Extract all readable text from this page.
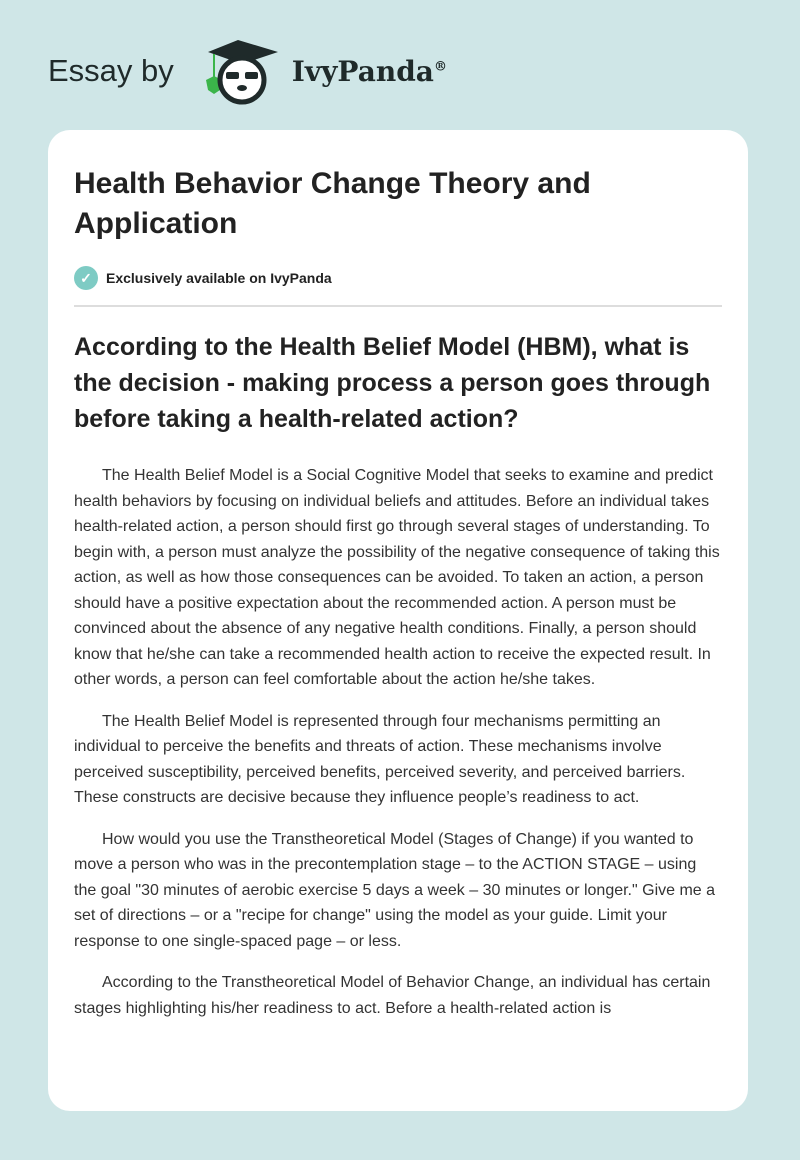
Essay by	IvyPanda®
Health Behavior Change Theory and Application
✓	Exclusively available on IvyPanda
According to the Health Belief Model (HBM), what is the decision - making process a person goes through before taking a health-related action?

The Health Belief Model is a Social Cognitive Model that seeks to examine and predict health behaviors by focusing on individual beliefs and attitudes. Before an individual takes health-related action, a person should first go through several stages of understanding. To begin with, a person must analyze the possibility of the negative consequence of taking this action, as well as how those consequences can be avoided. To taken an action, a person should have a positive expectation about the recommended action. A person must be convinced about the absence of any negative health conditions. Finally, a person should know that he/she can take a recommended health action to receive the expected result. In other words, a person can feel comfortable about the action he/she takes.

The Health Belief Model is represented through four mechanisms permitting an individual to perceive the benefits and threats of action. These mechanisms involve perceived susceptibility, perceived benefits, perceived severity, and perceived barriers. These constructs are decisive because they influence people’s readiness to act.

How would you use the Transtheoretical Model (Stages of Change) if you wanted to move a person who was in the precontemplation stage – to the ACTION STAGE – using the goal "30 minutes of aerobic exercise 5 days a week – 30 minutes or longer." Give me a set of directions – or a "recipe for change" using the model as your guide. Limit your response to one single-spaced page – or less.

According to the Transtheoretical Model of Behavior Change, an individual has certain stages highlighting his/her readiness to act. Before a health-related action is
